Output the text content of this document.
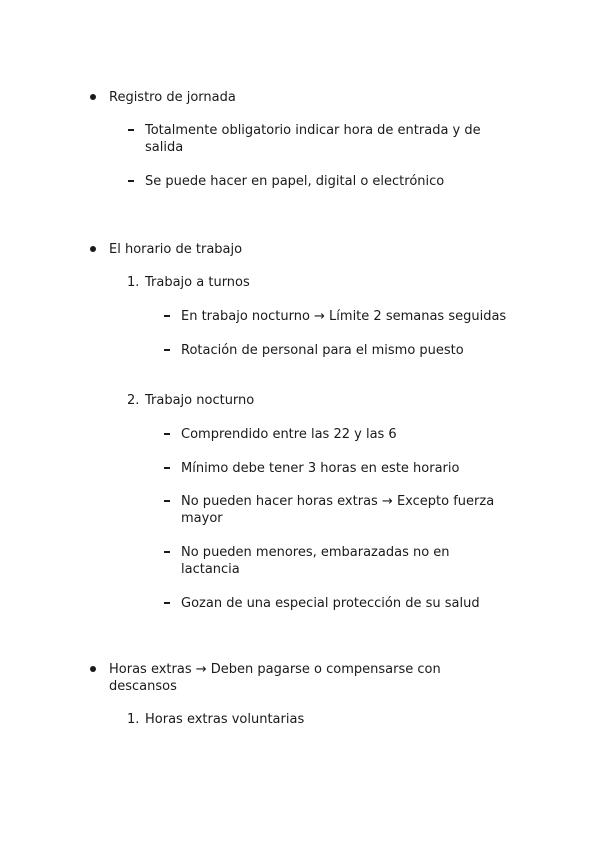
Registro de jornada
Totalmente obligatorio indicar hora de entrada y de
salida
Se puede hacer en papel, digital o electrónico
El horario de trabajo
1. Trabajo a turnos
En trabajo nocturno → Límite 2 semanas seguidas
Rotación de personal para el mismo puesto
2. Trabajo nocturno
Comprendido entre las 22 y las 6
Mínimo debe tener 3 horas en este horario
No pueden hacer horas extras → Excepto fuerza
mayor
No pueden menores, embarazadas no en
lactancia
Gozan de una especial protección de su salud
Horas extras → Deben pagarse o compensarse con
descansos
1. Horas extras voluntarias
